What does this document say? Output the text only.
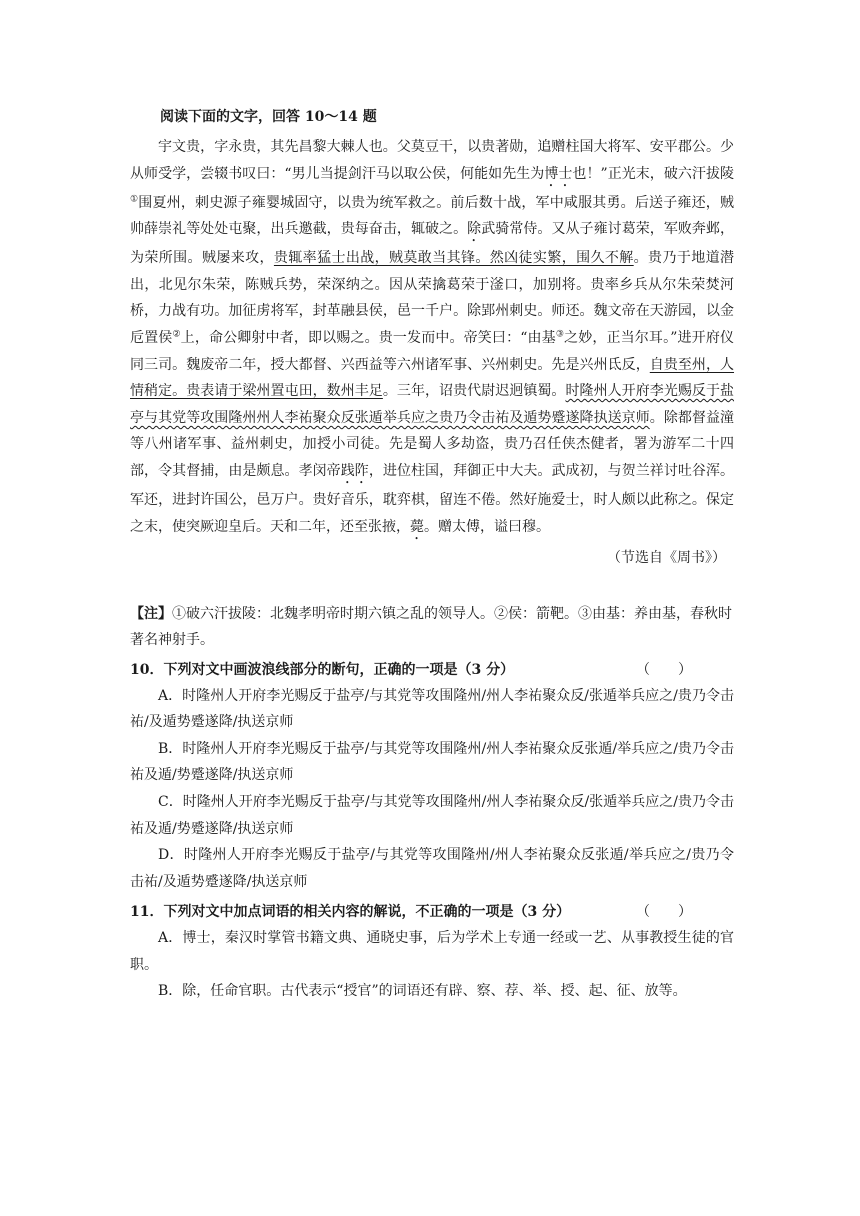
阅读下面的文字，回答 10～14 题
宇文贵，字永贵，其先昌黎大棘人也。父莫豆干，以贵著勋，追赠柱国大将军、安平郡公。少从师受学，尝辍书叹曰：“男儿当提剑汗马以取公侯，何能如先生为博士也！”正光末，破六汗拔陵①围夏州，刺史源子雍婴城固守，以贵为统军救之。前后数十战，军中咸服其勇。后送子雍还，贼帅薛崇礼等处处屯聚，出兵邀截，贵每奋击，辄破之。除武骑常侍。又从子雍讨葛荣，军败奔邺，为荣所围。贼屡来攻，贵辄率猛士出战，贼莫敢当其锋。然凶徒实繁，围久不解。贵乃于地道潜出，北见尔朱荣，陈贼兵势，荣深纳之。因从荣擒葛荣于滏口，加别将。贵率乡兵从尔朱荣焚河桥，力战有功。加征虏将军，封革融县侯，邑一千户。除郢州刺史。师还。魏文帝在天游园，以金卮置侯②上，命公卿射中者，即以赐之。贵一发而中。帝笑曰：“由基③之妙，正当尔耳。”进开府仪同三司。魏废帝二年，授大都督、兴西益等六州诸军事、兴州刺史。先是兴州氐反，自贵至州，人情稍定。贵表请于梁州置屯田，数州丰足。三年，诏贵代尉迟迥镇蜀。时隆州人开府李光赐反于盐亭与其党等攻围隆州州人李祐聚众反张遁举兵应之贵乃令击祐及遁势蹙遂降执送京师。除都督益潼等八州诸军事、益州刺史，加授小司徒。先是蜀人多劫盗，贵乃召任侠杰健者，署为游军二十四部，令其督捕，由是颇息。孝闵帝践阼，进位柱国，拜御正中大夫。武成初，与贺兰祥讨吐谷浑。军还，进封许国公，邑万户。贵好音乐，耽弈棋，留连不倦。然好施爱士，时人颇以此称之。保定之末，使突厥迎皇后。天和二年，还至张掖，薨。赠太傅，谥曰穆。
（节选自《周书》）
【注】①破六汗拔陵：北魏孝明帝时期六镇之乱的领导人。②侯：箭靶。③由基：养由基，春秋时著名神射手。
10．下列对文中画波浪线部分的断句，正确的一项是（3 分）	（　　）
A．时隆州人开府李光赐反于盐亭/与其党等攻围隆州/州人李祐聚众反/张遁举兵应之/贵乃令击祐/及遁势蹙遂降/执送京师
B．时隆州人开府李光赐反于盐亭/与其党等攻围隆州/州人李祐聚众反张遁/举兵应之/贵乃令击祐及遁/势蹙遂降/执送京师
C．时隆州人开府李光赐反于盐亭/与其党等攻围隆州/州人李祐聚众反/张遁举兵应之/贵乃令击祐及遁/势蹙遂降/执送京师
D．时隆州人开府李光赐反于盐亭/与其党等攻围隆州/州人李祐聚众反张遁/举兵应之/贵乃令击祐/及遁势蹙遂降/执送京师
11．下列对文中加点词语的相关内容的解说，不正确的一项是（3 分）	（　　）
A．博士，秦汉时掌管书籍文典、通晓史事，后为学术上专通一经或一艺、从事教授生徒的官职。
B．除，任命官职。古代表示“授官”的词语还有辟、察、荐、举、授、起、征、放等。
